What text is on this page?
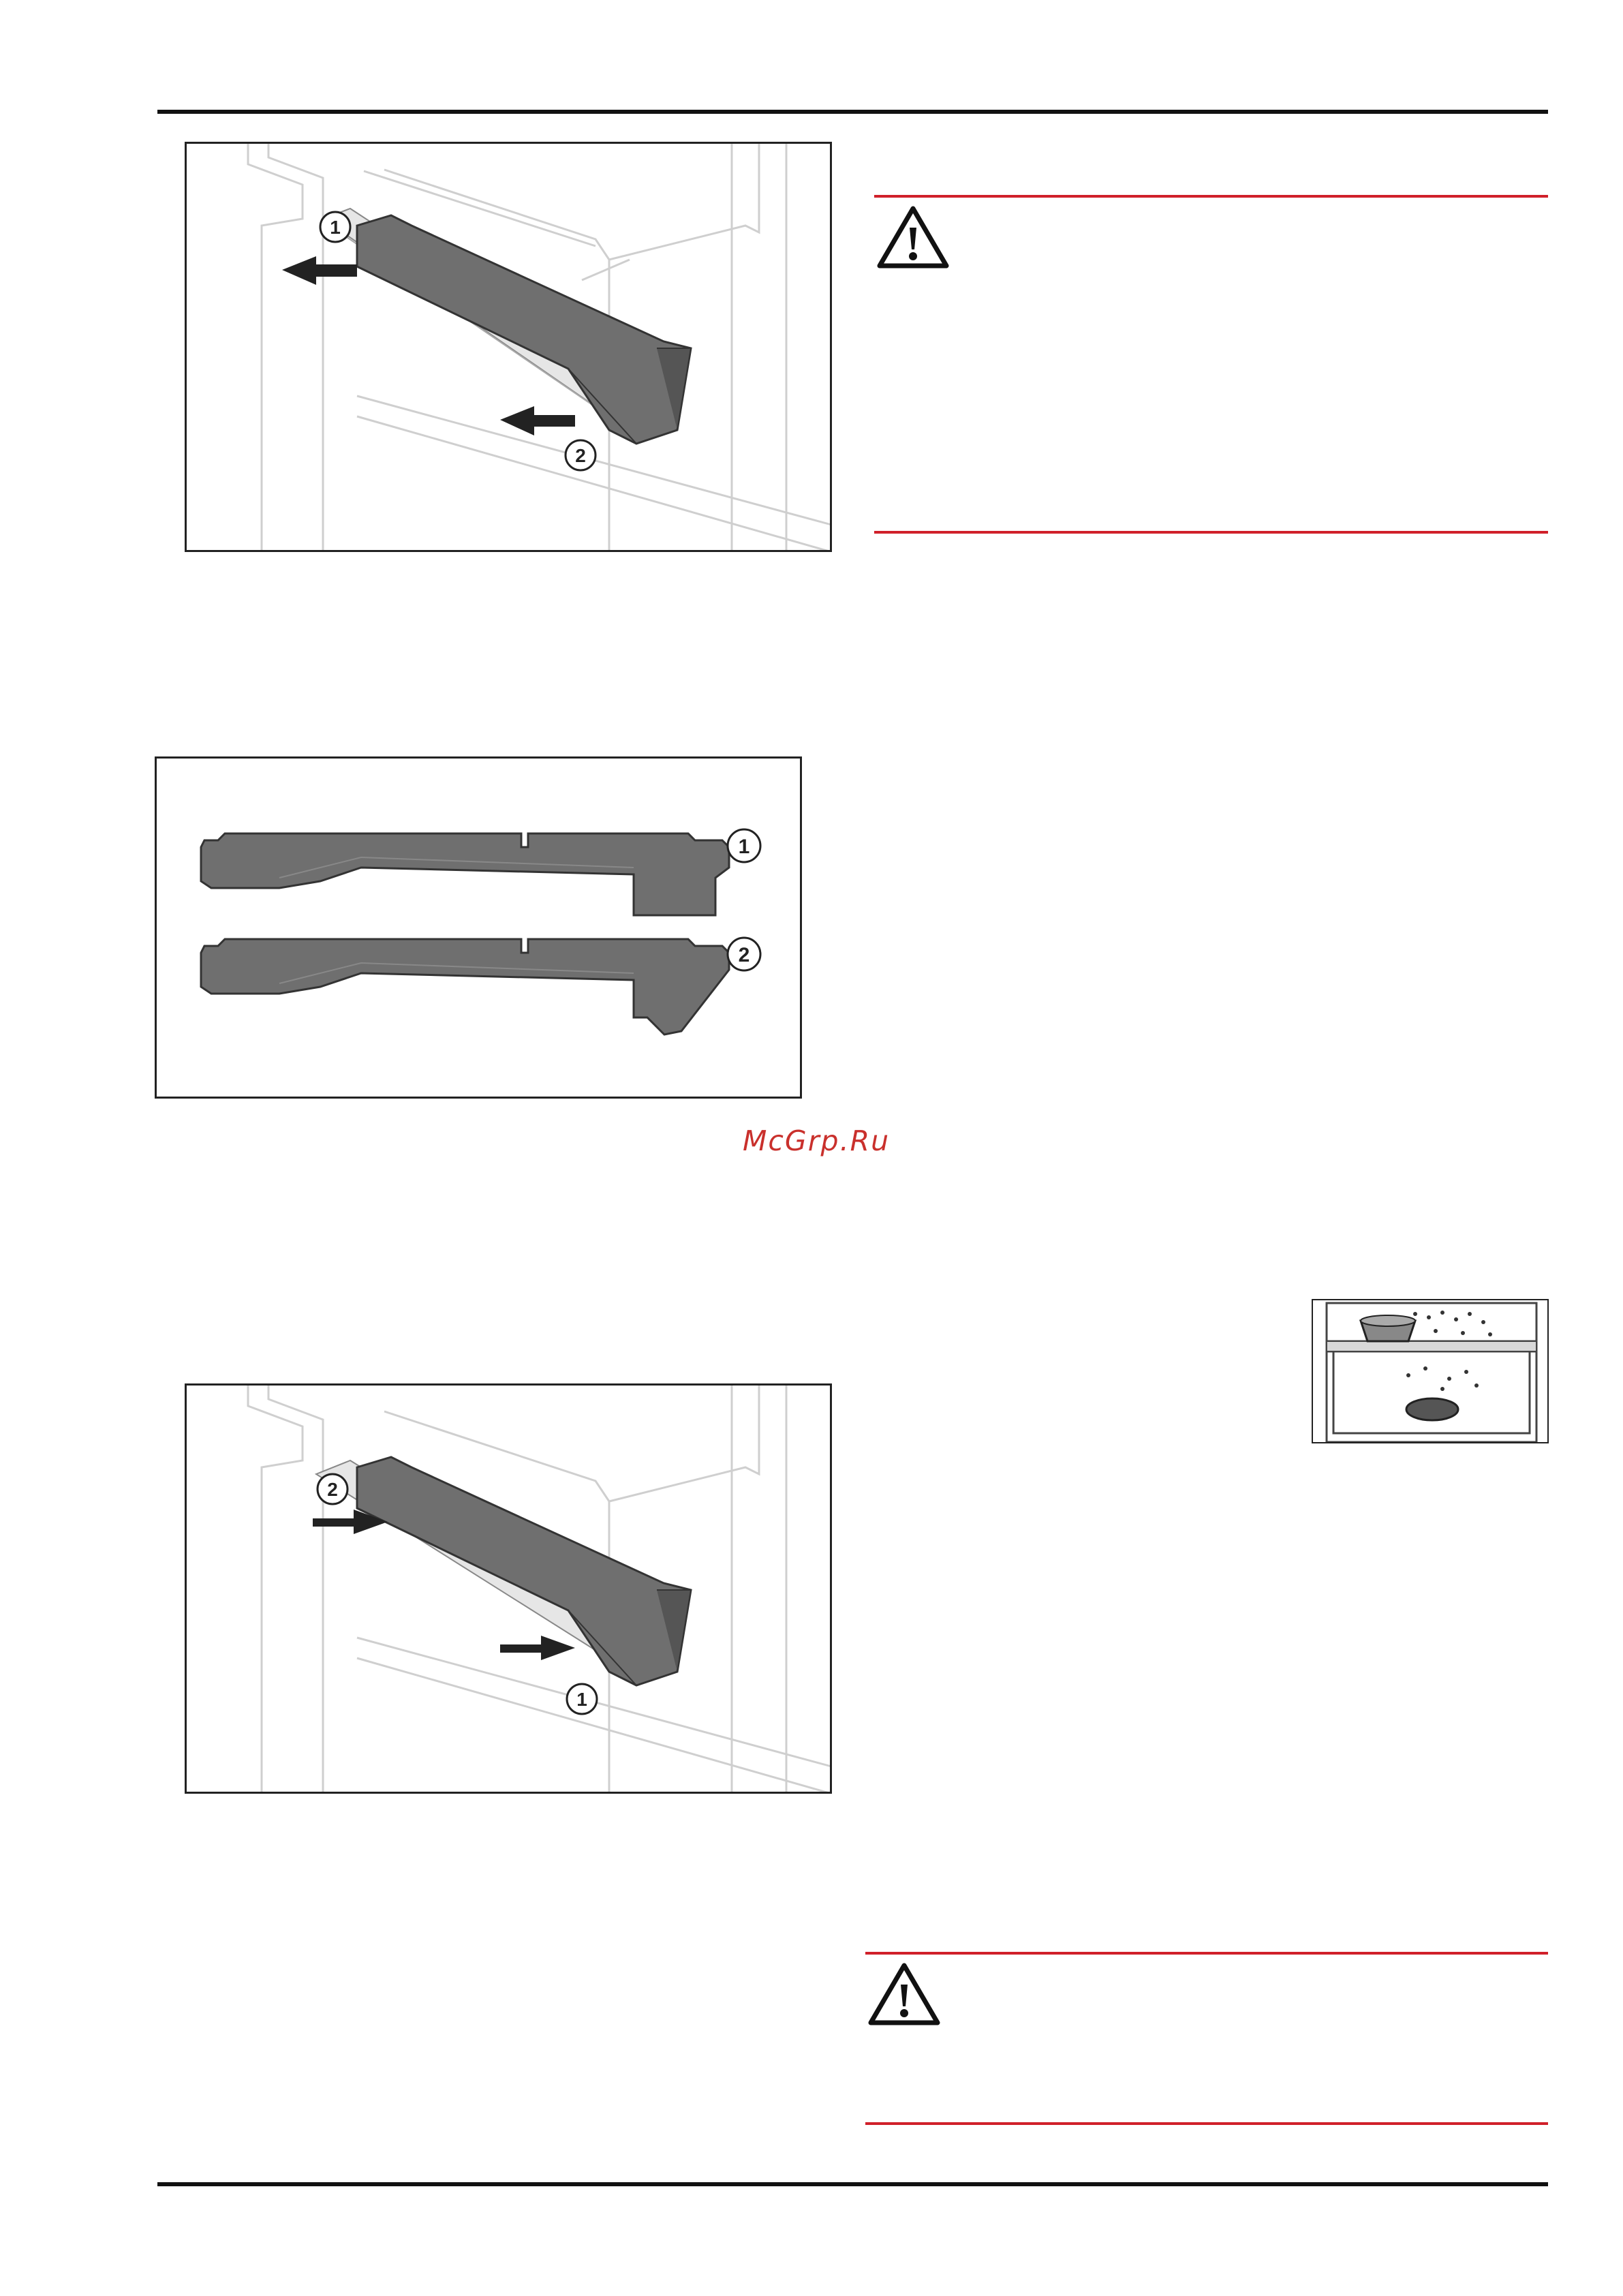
1
2
1
2
McGrp.Ru
2
1
